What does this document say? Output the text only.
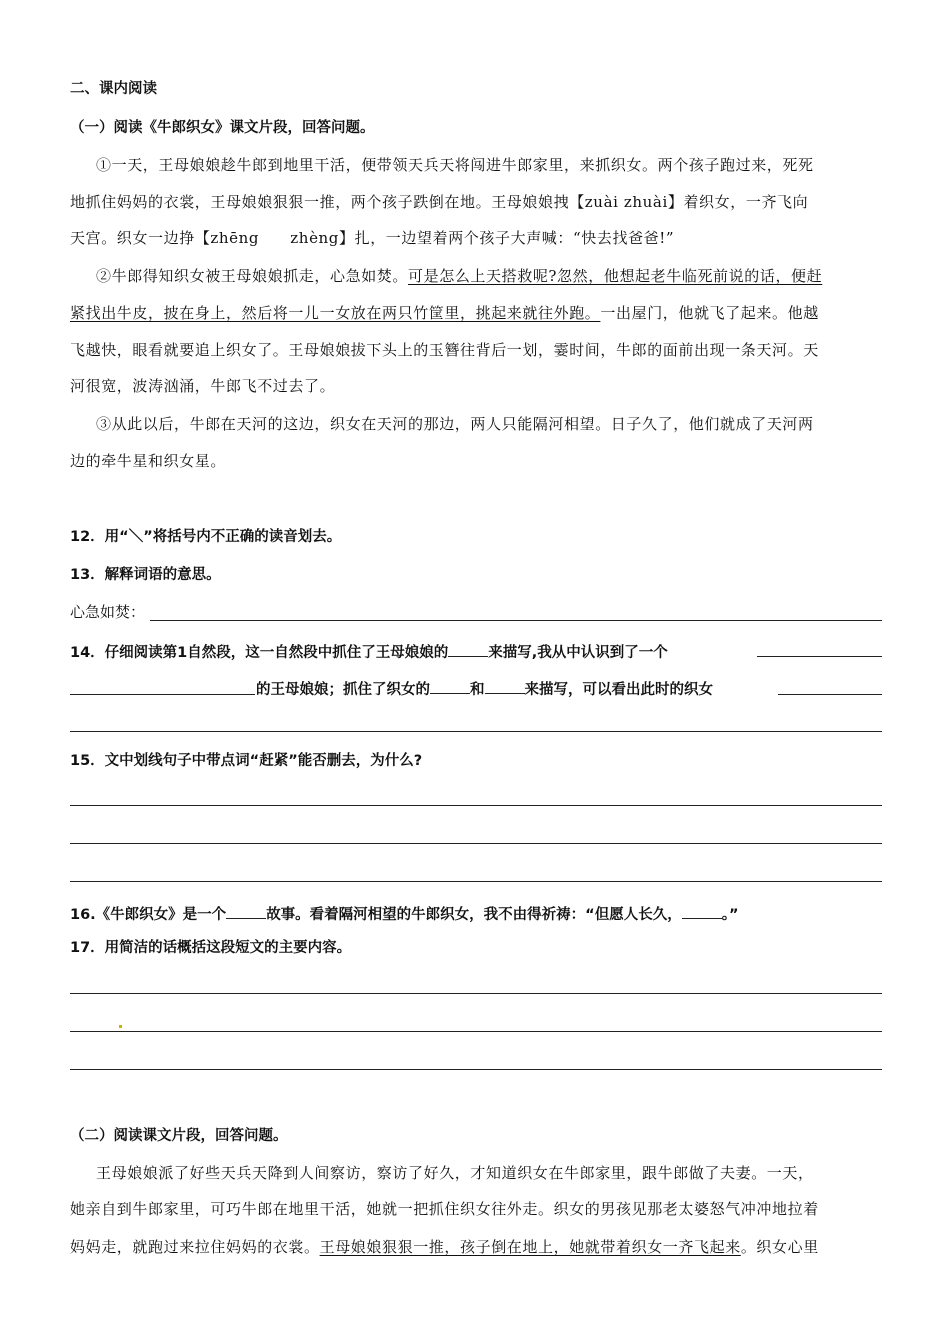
二、课内阅读
（一）阅读《牛郎织女》课文片段，回答问题。
①一天，王母娘娘趁牛郎到地里干活，便带领天兵天将闯进牛郎家里，来抓织女。两个孩子跑过来，死死
地抓住妈妈的衣裳，王母娘娘狠狠一推，两个孩子跌倒在地。王母娘娘拽【zuài zhuài】着织女，一齐飞向
天宫。织女一边挣【zhēng　　zhèng】扎，一边望着两个孩子大声喊：“快去找爸爸!”
②牛郎得知织女被王母娘娘抓走，心急如焚。可是怎么上天搭救呢?忽然，他想起老牛临死前说的话，便赶
紧找出牛皮，披在身上，然后将一儿一女放在两只竹筐里，挑起来就往外跑。一出屋门，他就飞了起来。他越
飞越快，眼看就要追上织女了。王母娘娘拔下头上的玉簪往背后一划，霎时间，牛郎的面前出现一条天河。天
河很宽，波涛汹涌，牛郎飞不过去了。
③从此以后，牛郎在天河的这边，织女在天河的那边，两人只能隔河相望。日子久了，他们就成了天河两
边的牵牛星和织女星。
12．用“＼”将括号内不正确的读音划去。
13．解释词语的意思。
心急如焚：
14．仔细阅读第1自然段，这一自然段中抓住了王母娘娘的	来描写,我从中认识到了一个
的王母娘娘；抓住了织女的	和	来描写，可以看出此时的织女
15．文中划线句子中带点词“赶紧”能否删去，为什么?
16.《牛郎织女》是一个	故事。看着隔河相望的牛郎织女，我不由得祈祷：“但愿人长久，	。”
17．用简洁的话概括这段短文的主要内容。
（二）阅读课文片段，回答问题。
王母娘娘派了好些天兵天降到人间察访，察访了好久，才知道织女在牛郎家里，跟牛郎做了夫妻。一天，
她亲自到牛郎家里，可巧牛郎在地里干活，她就一把抓住织女往外走。织女的男孩见那老太婆怒气冲冲地拉着
妈妈走，就跑过来拉住妈妈的衣裳。王母娘娘狠狠一推，孩子倒在地上，她就带着织女一齐飞起来。织女心里
